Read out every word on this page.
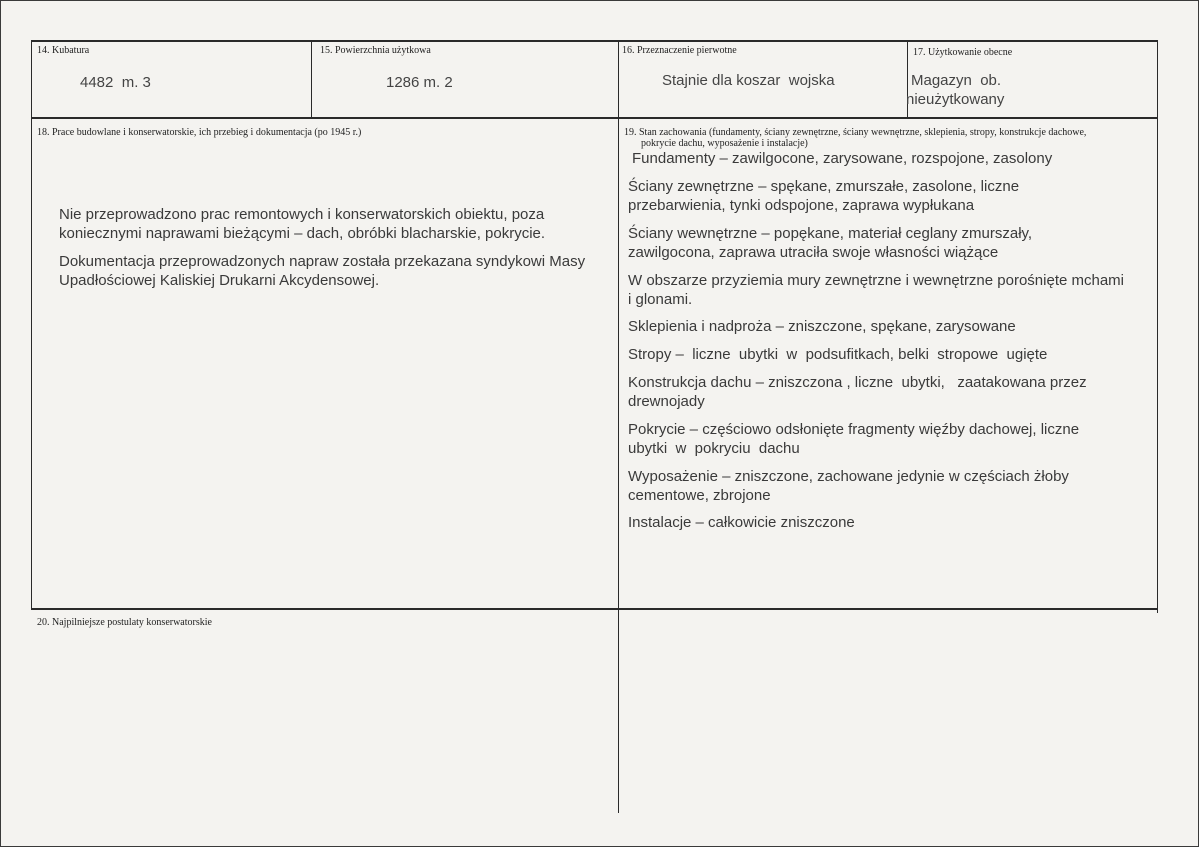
14. Kubatura
4482  m. 3
15. Powierzchnia użytkowa
1286 m. 2
16. Przeznaczenie pierwotne
Stajnie dla koszar  wojska
17. Użytkowanie obecne
Magazyn  ob.
nieużytkowany
18. Prace budowlane i konserwatorskie, ich przebieg i dokumentacja (po 1945 r.)

Nie przeprowadzono prac remontowych i konserwatorskich obiektu, poza koniecznymi naprawami bieżącymi – dach, obróbki blacharskie, pokrycie.

Dokumentacja przeprowadzonych napraw została przekazana syndykowi Masy Upadłościowej Kaliskiej Drukarni Akcydensowej.

19. Stan zachowania (fundamenty, ściany zewnętrzne, ściany wewnętrzne, sklepienia, stropy, konstrukcje dachowe,
pokrycie dachu, wyposażenie i instalacje)

Fundamenty – zawilgocone, zarysowane, rozspojone, zasolony

Ściany zewnętrzne – spękane, zmurszałe, zasolone, liczne przebarwienia, tynki odspojone, zaprawa wypłukana

Ściany wewnętrzne – popękane, materiał ceglany zmurszały, zawilgocona, zaprawa utraciła swoje własności wiążące

W obszarze przyziemia mury zewnętrzne i wewnętrzne porośnięte mchami i glonami.

Sklepienia i nadproża – zniszczone, spękane, zarysowane

Stropy –  liczne  ubytki  w  podsufitkach, belki  stropowe  ugięte

Konstrukcja dachu – zniszczona , liczne  ubytki,   zaatakowana przez  drewnojady

Pokrycie – częściowo odsłonięte fragmenty więźby dachowej, liczne  ubytki  w  pokryciu  dachu

Wyposażenie – zniszczone, zachowane jedynie w częściach żłoby cementowe, zbrojone

Instalacje – całkowicie zniszczone

20. Najpilniejsze postulaty konserwatorskie
